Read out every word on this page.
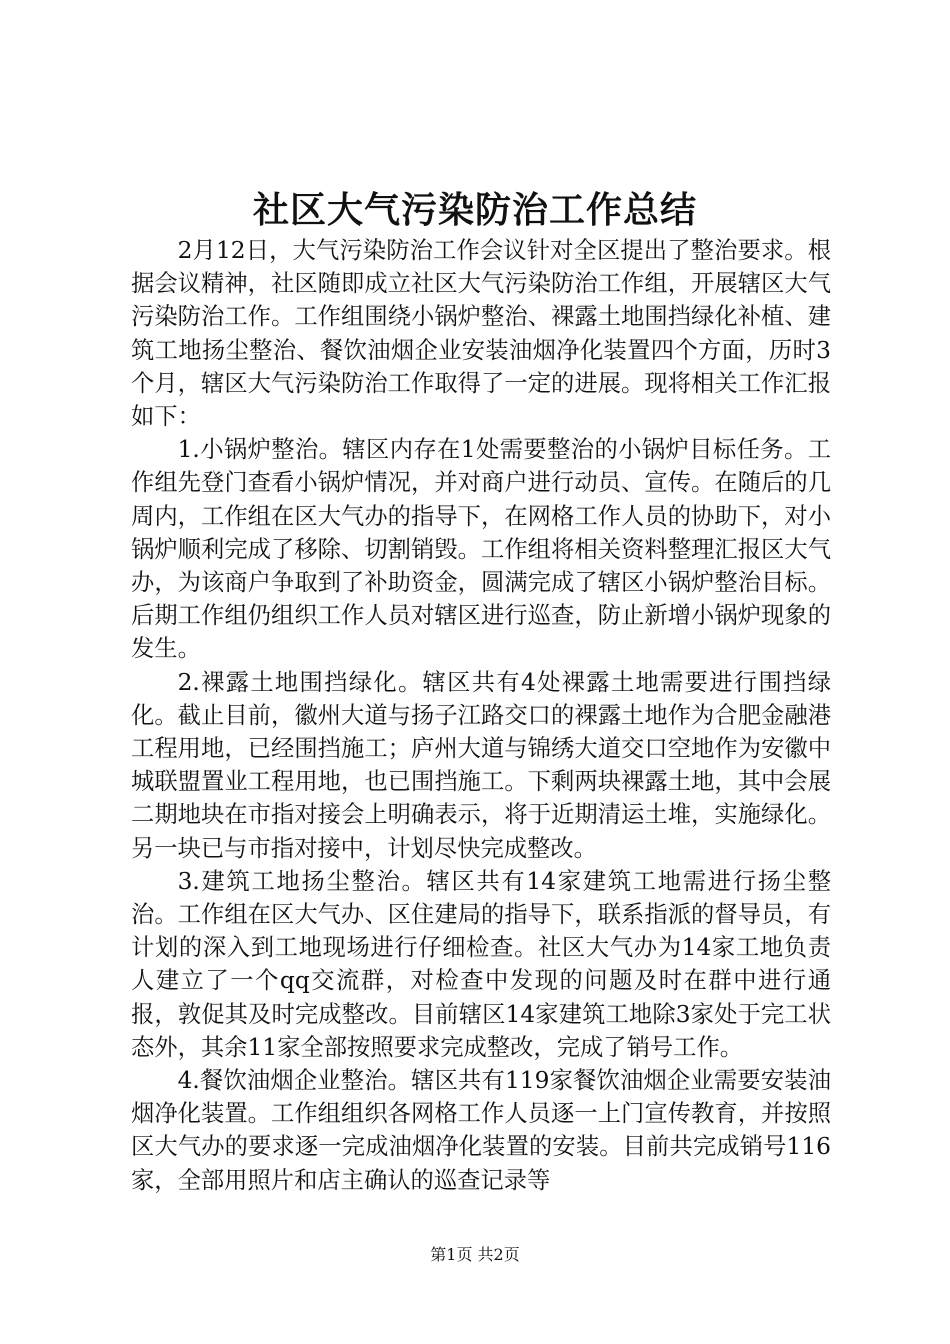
社区大气污染防治工作总结

2月12日，大气污染防治工作会议针对全区提出了整治要求。根据会议精神，社区随即成立社区大气污染防治工作组，开展辖区大气污染防治工作。工作组围绕小锅炉整治、裸露土地围挡绿化补植、建筑工地扬尘整治、餐饮油烟企业安装油烟净化装置四个方面，历时3个月，辖区大气污染防治工作取得了一定的进展。现将相关工作汇报如下：

1.小锅炉整治。辖区内存在1处需要整治的小锅炉目标任务。工作组先登门查看小锅炉情况，并对商户进行动员、宣传。在随后的几周内，工作组在区大气办的指导下，在网格工作人员的协助下，对小锅炉顺利完成了移除、切割销毁。工作组将相关资料整理汇报区大气办，为该商户争取到了补助资金，圆满完成了辖区小锅炉整治目标。后期工作组仍组织工作人员对辖区进行巡查，防止新增小锅炉现象的发生。

2.裸露土地围挡绿化。辖区共有4处裸露土地需要进行围挡绿化。截止目前，徽州大道与扬子江路交口的裸露土地作为合肥金融港工程用地，已经围挡施工；庐州大道与锦绣大道交口空地作为安徽中城联盟置业工程用地，也已围挡施工。下剩两块裸露土地，其中会展二期地块在市指对接会上明确表示，将于近期清运土堆，实施绿化。另一块已与市指对接中，计划尽快完成整改。

3.建筑工地扬尘整治。辖区共有14家建筑工地需进行扬尘整治。工作组在区大气办、区住建局的指导下，联系指派的督导员，有计划的深入到工地现场进行仔细检查。社区大气办为14家工地负责人建立了一个qq交流群，对检查中发现的问题及时在群中进行通报，敦促其及时完成整改。目前辖区14家建筑工地除3家处于完工状态外，其余11家全部按照要求完成整改，完成了销号工作。

4.餐饮油烟企业整治。辖区共有119家餐饮油烟企业需要安装油烟净化装置。工作组组织各网格工作人员逐一上门宣传教育，并按照区大气办的要求逐一完成油烟净化装置的安装。目前共完成销号116家，全部用照片和店主确认的巡查记录等

第1页 共2页
